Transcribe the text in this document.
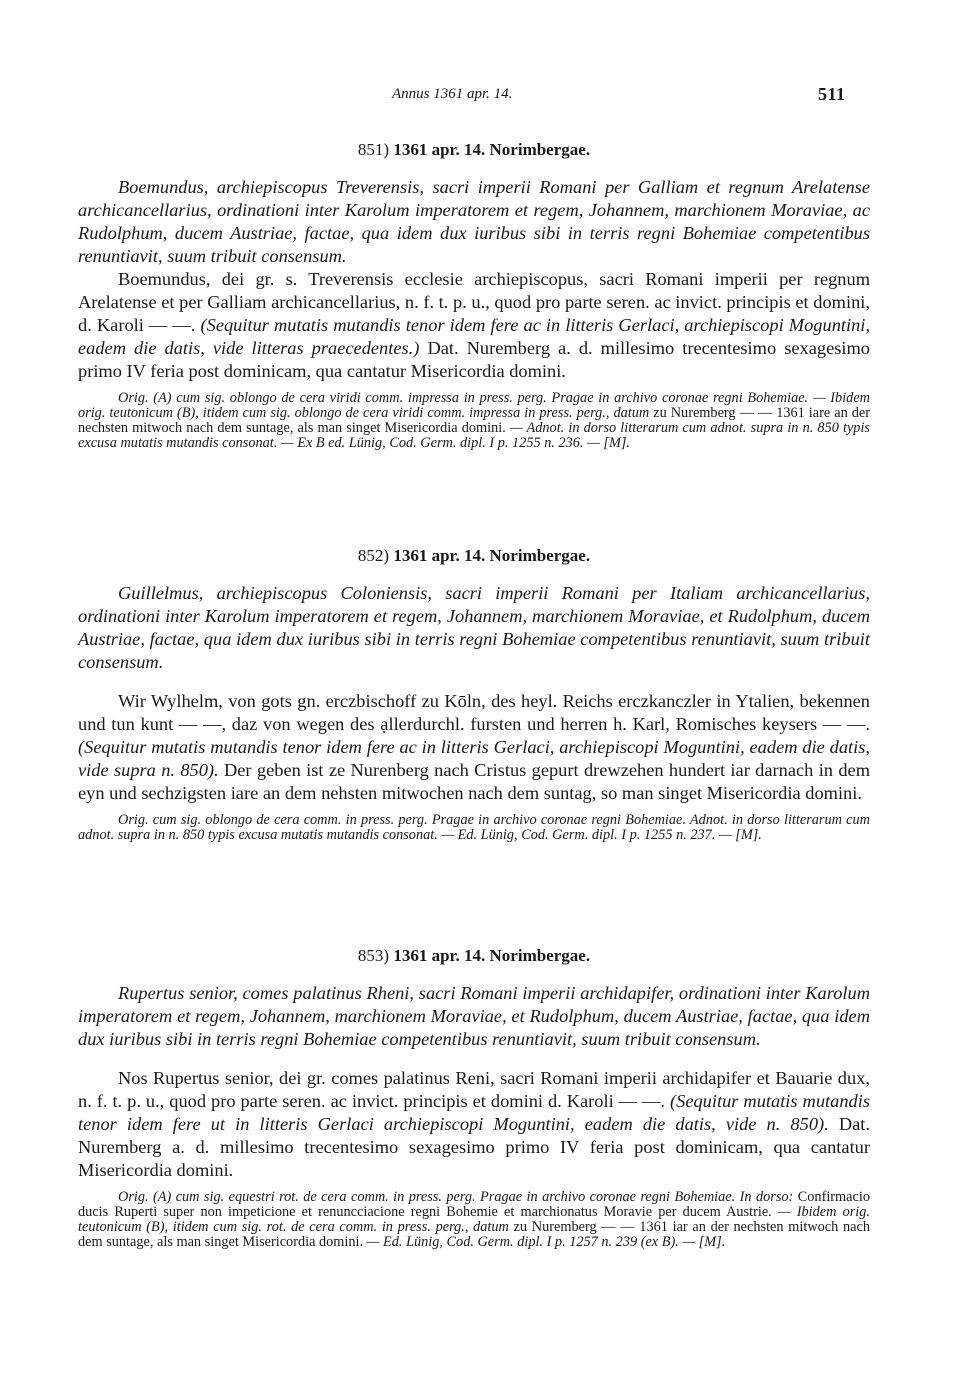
Annus 1361 apr. 14.	511
851) 1361 apr. 14. Norimbergae.

Boemundus, archiepiscopus Treverensis, sacri imperii Romani per Galliam et regnum Arelatense archicancellarius, ordinationi inter Karolum imperatorem et regem, Johannem, marchionem Moraviae, ac Rudolphum, ducem Austriae, factae, qua idem dux iuribus sibi in terris regni Bohemiae competentibus renuntiavit, suum tribuit consensum.

Boemundus, dei gr. s. Treverensis ecclesie archiepiscopus, sacri Romani imperii per regnum Arelatense et per Galliam archicancellarius, n. f. t. p. u., quod pro parte seren. ac invict. principis et domini, d. Karoli — —. (Sequitur mutatis mutandis tenor idem fere ac in litteris Gerlaci, archiepiscopi Moguntini, eadem die datis, vide litteras praecedentes.) Dat. Nuremberg a. d. millesimo trecentesimo sexagesimo primo IV feria post dominicam, qua cantatur Misericordia domini.

Orig. (A) cum sig. oblongo de cera viridi comm. impressa in press. perg. Pragae in archivo coronae regni Bohemiae. — Ibidem orig. teutonicum (B), itidem cum sig. oblongo de cera viridi comm. impressa in press. perg., datum zu Nuremberg — — 1361 iare an der nechsten mitwoch nach dem suntage, als man singet Misericordia domini. — Adnot. in dorso litterarum cum adnot. supra in n. 850 typis excusa mutatis mutandis consonat. — Ex B ed. Lünig, Cod. Germ. dipl. I p. 1255 n. 236. — [M].

852) 1361 apr. 14. Norimbergae.

Guillelmus, archiepiscopus Coloniensis, sacri imperii Romani per Italiam archicancellarius, ordinationi inter Karolum imperatorem et regem, Johannem, marchionem Moraviae, et Rudolphum, ducem Austriae, factae, qua idem dux iuribus sibi in terris regni Bohemiae competentibus renuntiavit, suum tribuit consensum.

Wir Wylhelm, von gots gn. erczbischoff zu Kōln, des heyl. Reichs erczkanczler in Ytalien, bekennen und tun kunt — —, daz von wegen des ạllerdurchl. fursten und herren h. Karl, Romisches keysers — —. (Sequitur mutatis mutandis tenor idem fere ac in litteris Gerlaci, archiepiscopi Moguntini, eadem die datis, vide supra n. 850). Der geben ist ze Nurenberg nach Cristus gepurt drewzehen hundert iar darnach in dem eyn und sechzigsten iare an dem nehsten mitwochen nach dem suntag, so man singet Misericordia domini.

Orig. cum sig. oblongo de cera comm. in press. perg. Pragae in archivo coronae regni Bohemiae. Adnot. in dorso litterarum cum adnot. supra in n. 850 typis excusa mutatis mutandis consonat. — Ed. Lünig, Cod. Germ. dipl. I p. 1255 n. 237. — [M].

853) 1361 apr. 14. Norimbergae.

Rupertus senior, comes palatinus Rheni, sacri Romani imperii archidapifer, ordinationi inter Karolum imperatorem et regem, Johannem, marchionem Moraviae, et Rudolphum, ducem Austriae, factae, qua idem dux iuribus sibi in terris regni Bohemiae competentibus renuntiavit, suum tribuit consensum.

Nos Rupertus senior, dei gr. comes palatinus Reni, sacri Romani imperii archidapifer et Bauarie dux, n. f. t. p. u., quod pro parte seren. ac invict. principis et domini d. Karoli — —. (Sequitur mutatis mutandis tenor idem fere ut in litteris Gerlaci archiepiscopi Moguntini, eadem die datis, vide n. 850). Dat. Nuremberg a. d. millesimo trecentesimo sexagesimo primo IV feria post dominicam, qua cantatur Misericordia domini.

Orig. (A) cum sig. equestri rot. de cera comm. in press. perg. Pragae in archivo coronae regni Bohemiae. In dorso: Confirmacio ducis Ruperti super non impeticione et renuncciacione regni Bohemie et marchionatus Moravie per ducem Austrie. — Ibidem orig. teutonicum (B), itidem cum sig. rot. de cera comm. in press. perg., datum zu Nuremberg — — 1361 iar an der nechsten mitwoch nach dem suntage, als man singet Misericordia domini. — Ed. Lünig, Cod. Germ. dipl. I p. 1257 n. 239 (ex B). — [M].
